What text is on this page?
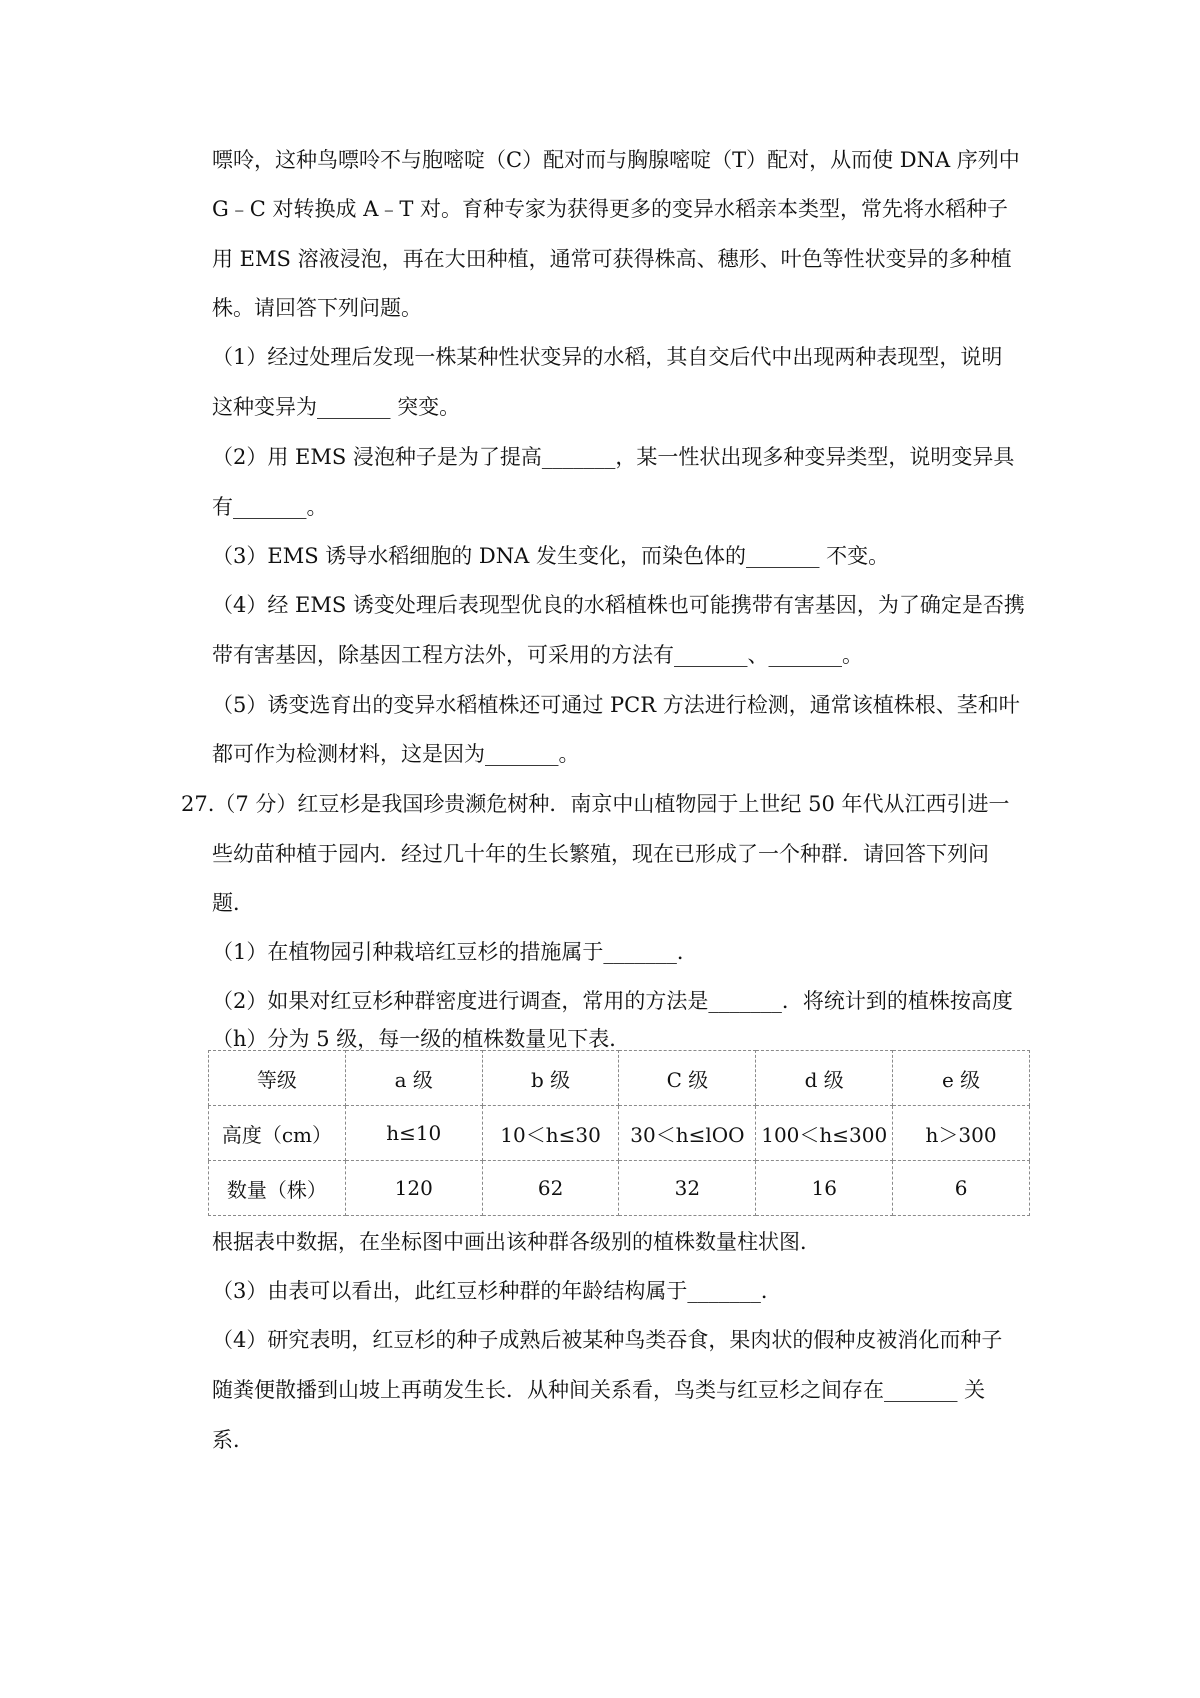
嘌呤，这种鸟嘌呤不与胞嘧啶（C）配对而与胸腺嘧啶（T）配对，从而使 DNA 序列中
G﹣C 对转换成 A﹣T 对。育种专家为获得更多的变异水稻亲本类型，常先将水稻种子
用 EMS 溶液浸泡，再在大田种植，通常可获得株高、穗形、叶色等性状变异的多种植
株。请回答下列问题。
（1）经过处理后发现一株某种性状变异的水稻，其自交后代中出现两种表现型，说明
这种变异为_______ 突变。
（2）用 EMS 浸泡种子是为了提高_______，某一性状出现多种变异类型，说明变异具
有_______。
（3）EMS 诱导水稻细胞的 DNA 发生变化，而染色体的_______ 不变。
（4）经 EMS 诱变处理后表现型优良的水稻植株也可能携带有害基因，为了确定是否携
带有害基因，除基因工程方法外，可采用的方法有_______、_______。
（5）诱变选育出的变异水稻植株还可通过 PCR 方法进行检测，通常该植株根、茎和叶
都可作为检测材料，这是因为_______。
27.（7 分）红豆杉是我国珍贵濒危树种．南京中山植物园于上世纪 50 年代从江西引进一
些幼苗种植于园内．经过几十年的生长繁殖，现在已形成了一个种群．请回答下列问
题．
（1）在植物园引种栽培红豆杉的措施属于_______．
（2）如果对红豆杉种群密度进行调查，常用的方法是_______．将统计到的植株按高度
（h）分为 5 级，每一级的植株数量见下表．
等级	a 级	b 级	C 级	d 级	e 级
高度（cm）	h≤10	10＜h≤30	30＜h≤lOO	100＜h≤300	h＞300
数量（株）	120	62	32	16	6
根据表中数据，在坐标图中画出该种群各级别的植株数量柱状图．
（3）由表可以看出，此红豆杉种群的年龄结构属于_______．
（4）研究表明，红豆杉的种子成熟后被某种鸟类吞食，果肉状的假种皮被消化而种子
随粪便散播到山坡上再萌发生长．从种间关系看，鸟类与红豆杉之间存在_______ 关
系．
